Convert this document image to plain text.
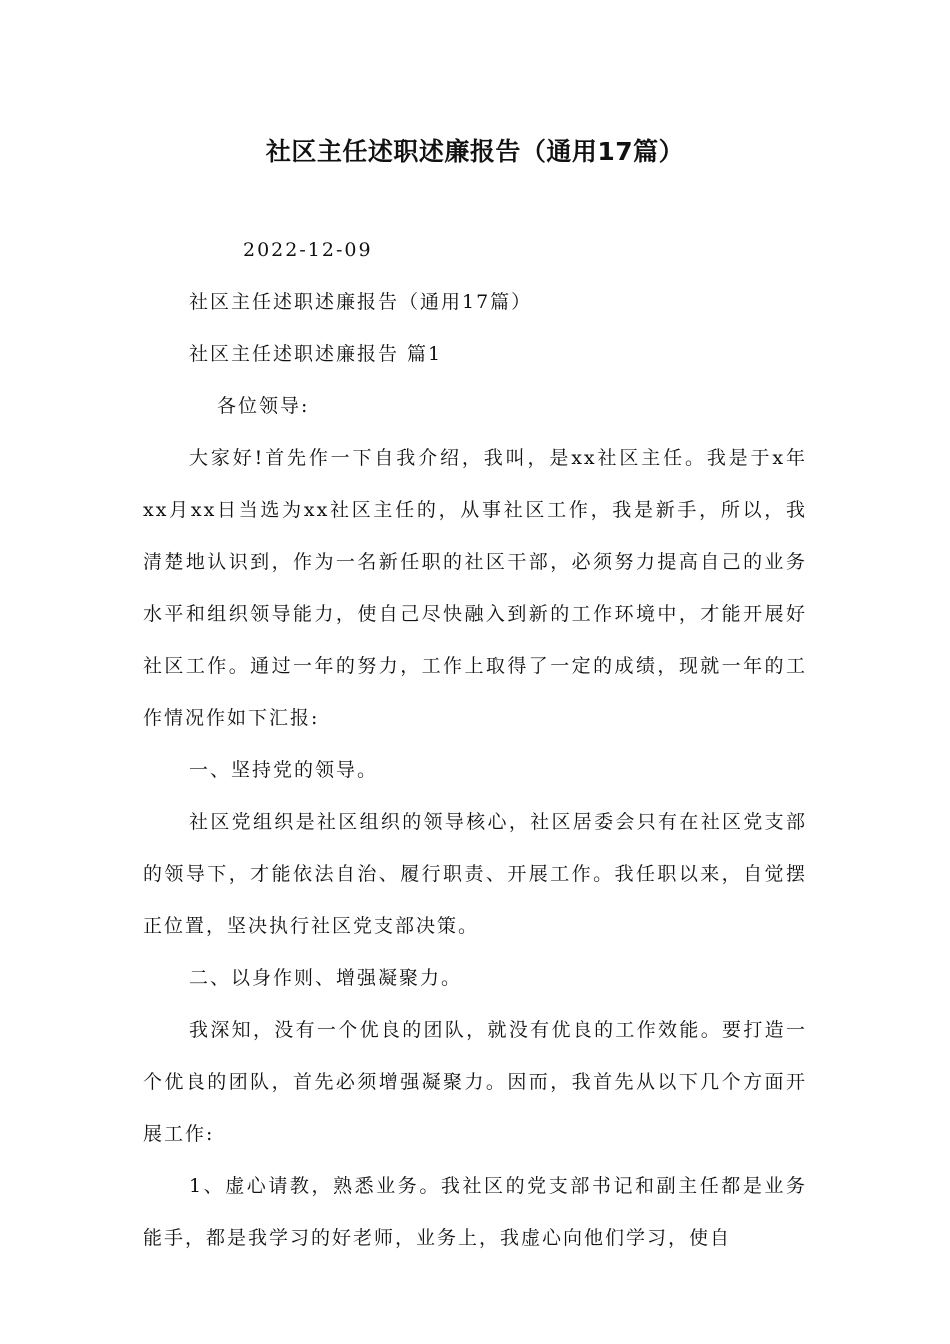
社区主任述职述廉报告（通用17篇）

2022-12-09

社区主任述职述廉报告（通用17篇）

社区主任述职述廉报告 篇1

各位领导:

大家好!首先作一下自我介绍，我叫，是xx社区主任。我是于x年xx月xx日当选为xx社区主任的，从事社区工作，我是新手，所以，我清楚地认识到，作为一名新任职的社区干部，必须努力提高自己的业务水平和组织领导能力，使自己尽快融入到新的工作环境中，才能开展好社区工作。通过一年的努力，工作上取得了一定的成绩，现就一年的工作情况作如下汇报:

一、坚持党的领导。

社区党组织是社区组织的领导核心，社区居委会只有在社区党支部的领导下，才能依法自治、履行职责、开展工作。我任职以来，自觉摆正位置，坚决执行社区党支部决策。

二、以身作则、增强凝聚力。

我深知，没有一个优良的团队，就没有优良的工作效能。要打造一个优良的团队，首先必须增强凝聚力。因而，我首先从以下几个方面开展工作:

1、虚心请教，熟悉业务。我社区的党支部书记和副主任都是业务能手，都是我学习的好老师，业务上，我虚心向他们学习，使自
